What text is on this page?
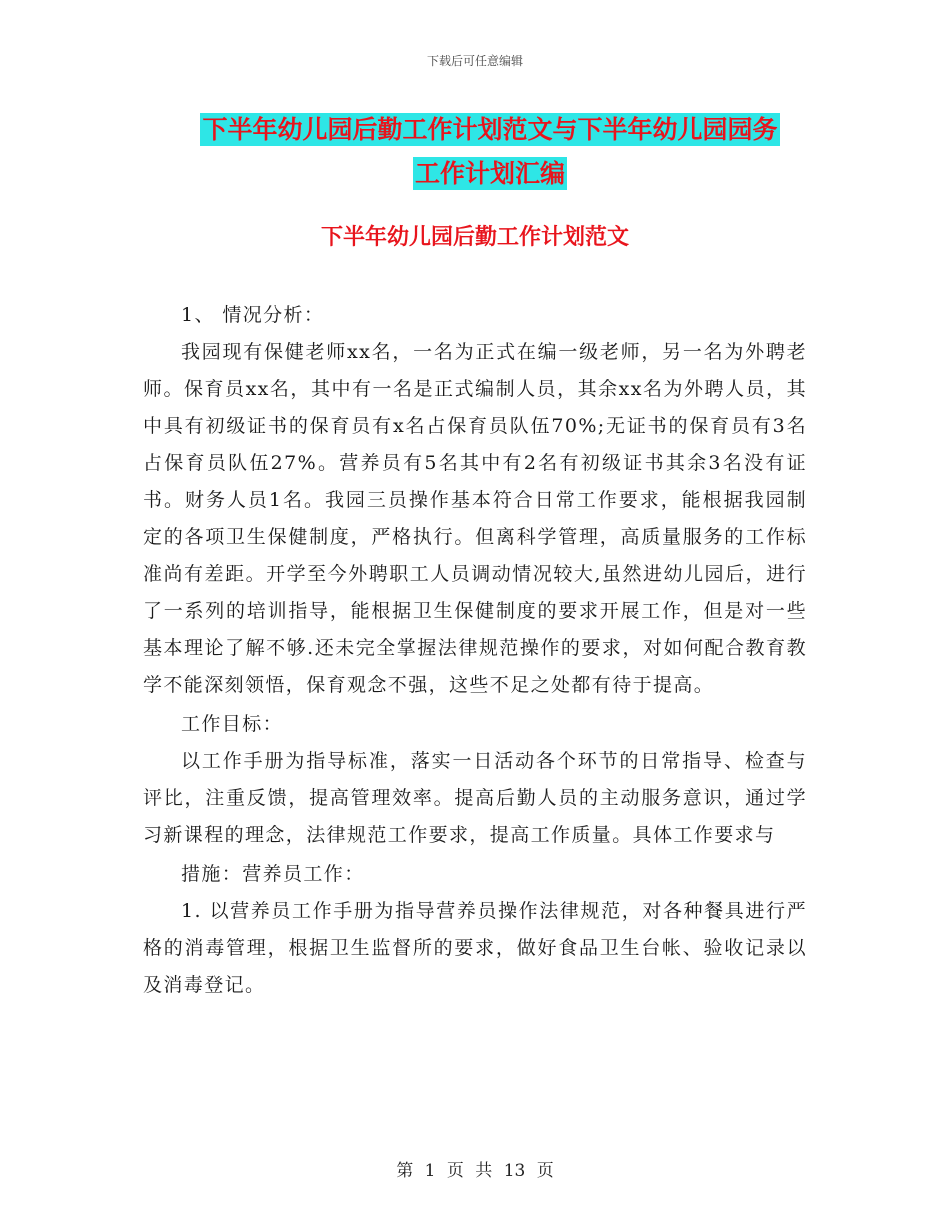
下载后可任意编辑
下半年幼儿园后勤工作计划范文与下半年幼儿园园务
工作计划汇编
下半年幼儿园后勤工作计划范文

1、 情况分析：

我园现有保健老师xx名，一名为正式在编一级老师，另一名为外聘老师。保育员xx名，其中有一名是正式编制人员，其余xx名为外聘人员，其中具有初级证书的保育员有x名占保育员队伍70%;无证书的保育员有3名占保育员队伍27%。营养员有5名其中有2名有初级证书其余3名没有证书。财务人员1名。我园三员操作基本符合日常工作要求，能根据我园制定的各项卫生保健制度，严格执行。但离科学管理，高质量服务的工作标准尚有差距。开学至今外聘职工人员调动情况较大,虽然进幼儿园后，进行了一系列的培训指导，能根据卫生保健制度的要求开展工作，但是对一些基本理论了解不够.还未完全掌握法律规范操作的要求，对如何配合教育教学不能深刻领悟，保育观念不强，这些不足之处都有待于提高。

工作目标：

以工作手册为指导标准，落实一日活动各个环节的日常指导、检查与评比，注重反馈，提高管理效率。提高后勤人员的主动服务意识，通过学习新课程的理念，法律规范工作要求，提高工作质量。具体工作要求与

措施：营养员工作：

1. 以营养员工作手册为指导营养员操作法律规范，对各种餐具进行严格的消毒管理，根据卫生监督所的要求，做好食品卫生台帐、验收记录以及消毒登记。

第 1 页 共 13 页
